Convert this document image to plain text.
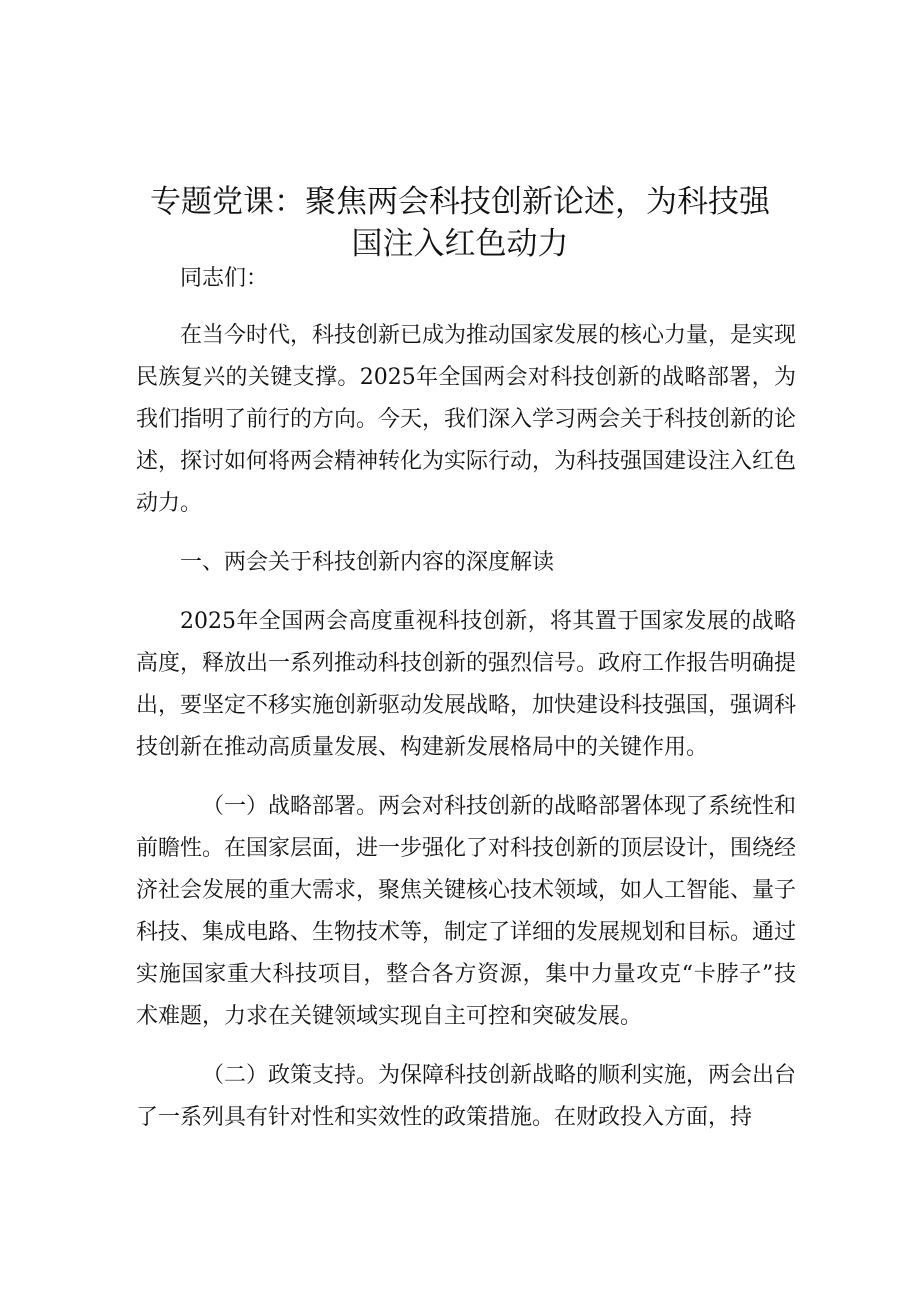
专题党课：聚焦两会科技创新论述，为科技强
国注入红色动力

同志们：

在当今时代，科技创新已成为推动国家发展的核心力量，是实现民族复兴的关键支撑。2025年全国两会对科技创新的战略部署，为我们指明了前行的方向。今天，我们深入学习两会关于科技创新的论述，探讨如何将两会精神转化为实际行动，为科技强国建设注入红色动力。

一、两会关于科技创新内容的深度解读

2025年全国两会高度重视科技创新，将其置于国家发展的战略高度，释放出一系列推动科技创新的强烈信号。政府工作报告明确提出，要坚定不移实施创新驱动发展战略，加快建设科技强国，强调科技创新在推动高质量发展、构建新发展格局中的关键作用。

（一）战略部署。两会对科技创新的战略部署体现了系统性和前瞻性。在国家层面，进一步强化了对科技创新的顶层设计，围绕经济社会发展的重大需求，聚焦关键核心技术领域，如人工智能、量子科技、集成电路、生物技术等，制定了详细的发展规划和目标。通过实施国家重大科技项目，整合各方资源，集中力量攻克“卡脖子”技术难题，力求在关键领域实现自主可控和突破发展。

（二）政策支持。为保障科技创新战略的顺利实施，两会出台了一系列具有针对性和实效性的政策措施。在财政投入方面，持
